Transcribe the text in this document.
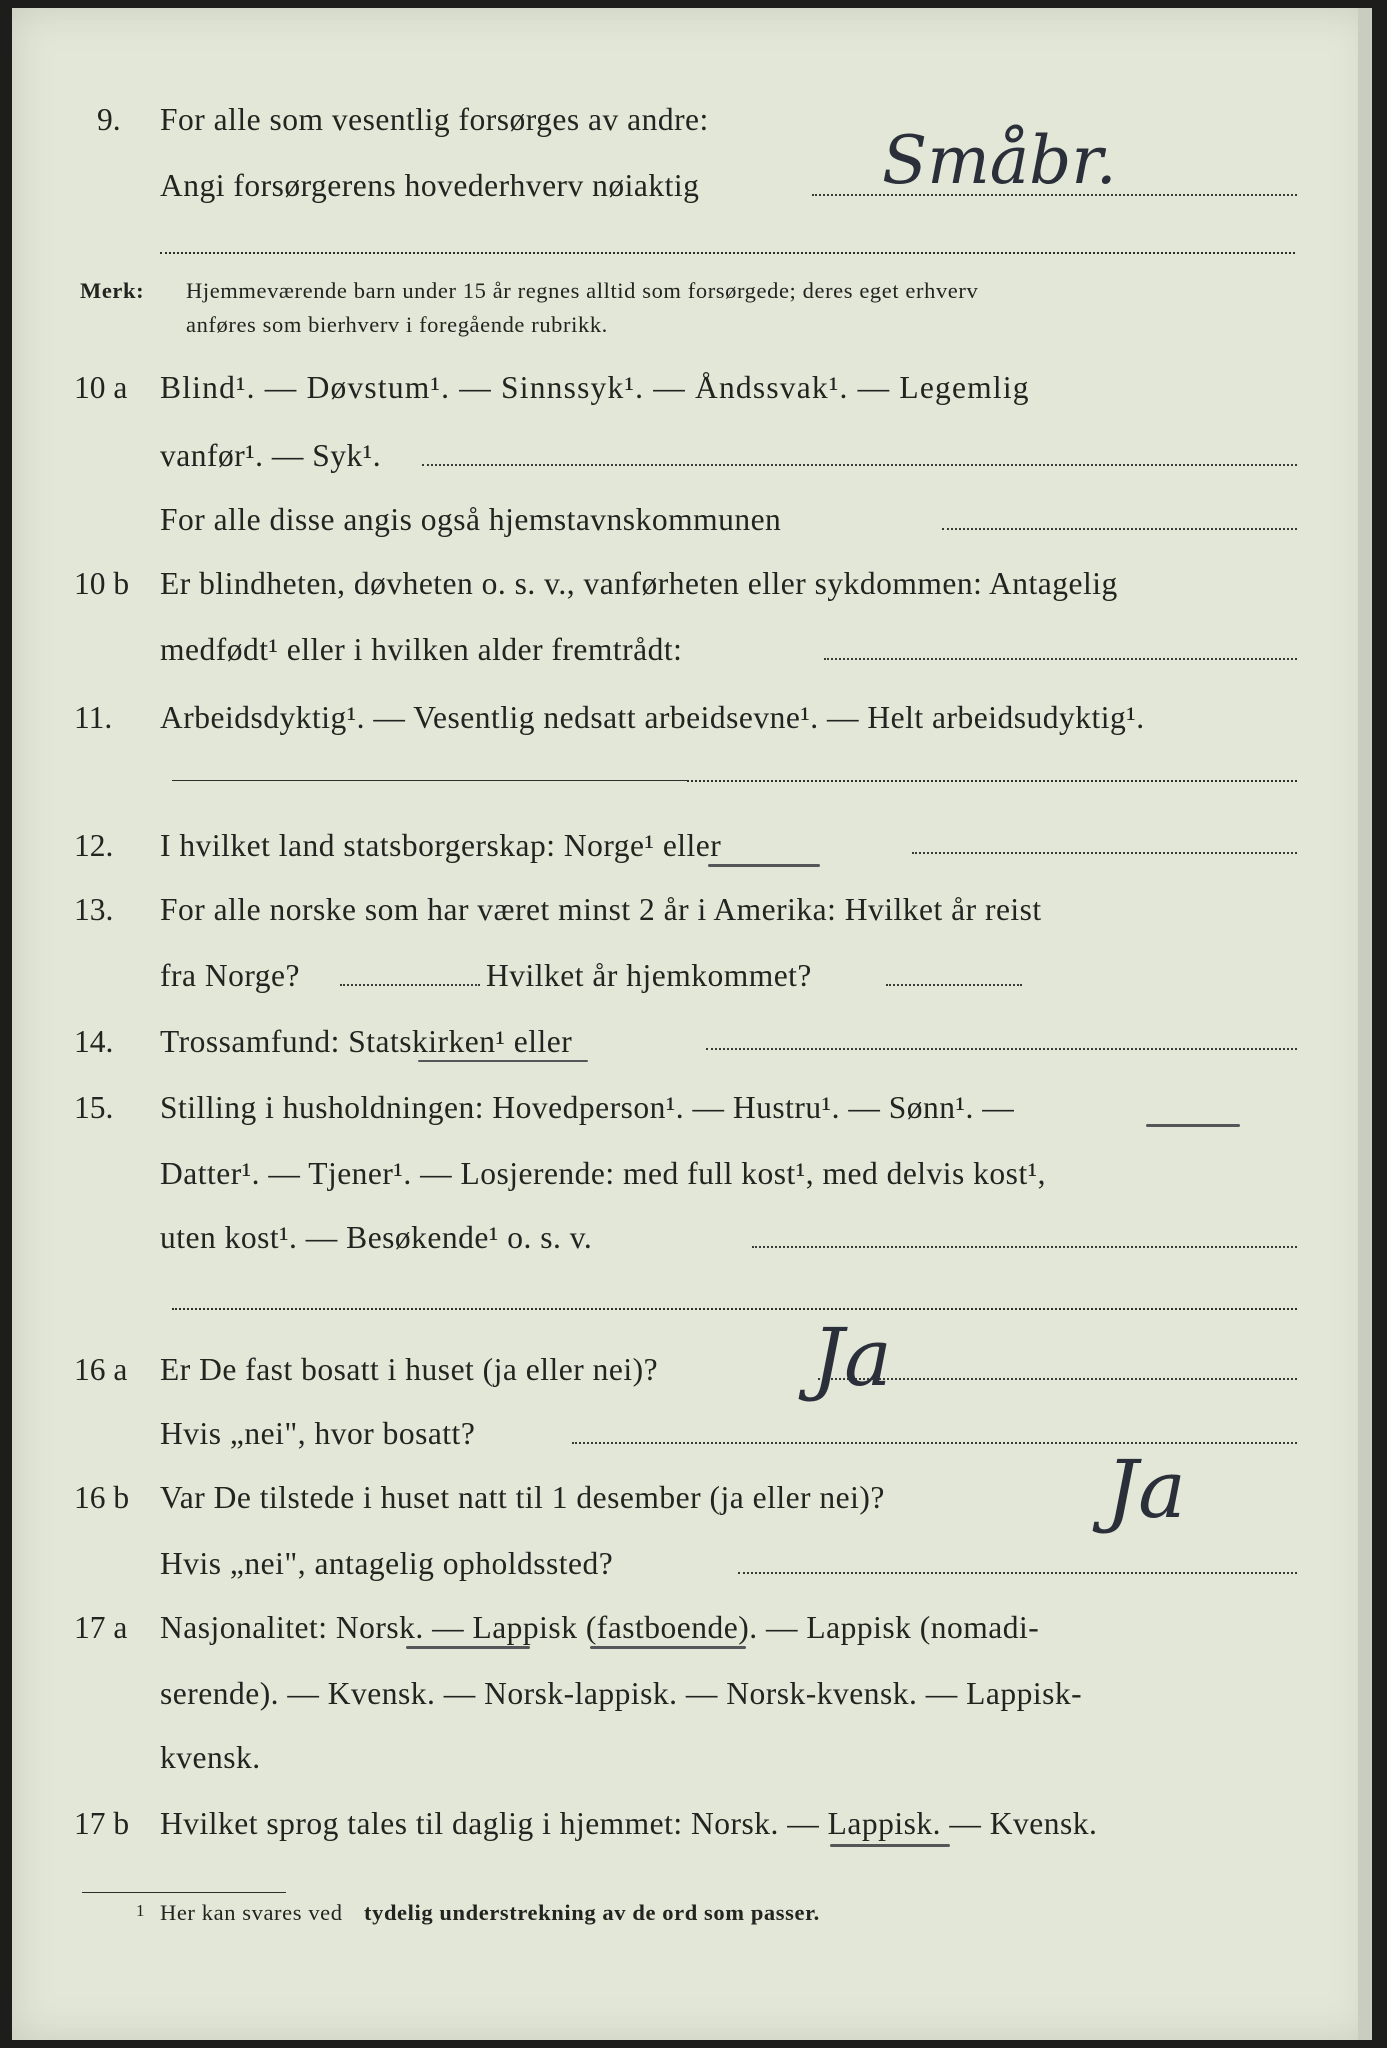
9. For alle som vesentlig forsørges av andre:
Angi forsørgerens hovederhverv nøiaktig	Småbr.
Merk: Hjemmeværende barn under 15 år regnes alltid som forsørgede; deres eget erhverv
anføres som bierhverv i foregående rubrikk.
10 a Blind¹. — Døvstum¹. — Sinnssyk¹. — Åndssvak¹. — Legemlig
vanfør¹. — Syk¹.
For alle disse angis også hjemstavnskommunen
10 b Er blindheten, døvheten o. s. v., vanførheten eller sykdommen: Antagelig
medfødt¹ eller i hvilken alder fremtrådt:
11. Arbeidsdyktig¹. — Vesentlig nedsatt arbeidsevne¹. — Helt arbeidsudyktig¹.
12. I hvilket land statsborgerskap: Norge¹ eller
13. For alle norske som har været minst 2 år i Amerika: Hvilket år reist
fra Norge?	Hvilket år hjemkommet?
14. Trossamfund: Statskirken¹ eller
15. Stilling i husholdningen: Hovedperson¹. — Hustru¹. — Sønn¹. —
Datter¹. — Tjener¹. — Losjerende: med full kost¹, med delvis kost¹,
uten kost¹. — Besøkende¹ o. s. v.
16 a Er De fast bosatt i huset (ja eller nei)? Ja
Hvis „nei", hvor bosatt?
16 b Var De tilstede i huset natt til 1 desember (ja eller nei)?	Ja
Hvis „nei", antagelig opholdssted?
17 a Nasjonalitet: Norsk. — Lappisk (fastboende). — Lappisk (nomadi-
serende). — Kvensk. — Norsk-lappisk. — Norsk-kvensk. — Lappisk-
kvensk.
17 b Hvilket sprog tales til daglig i hjemmet: Norsk. — Lappisk. — Kvensk.
1 Her kan svares ved tydelig understrekning av de ord som passer.
